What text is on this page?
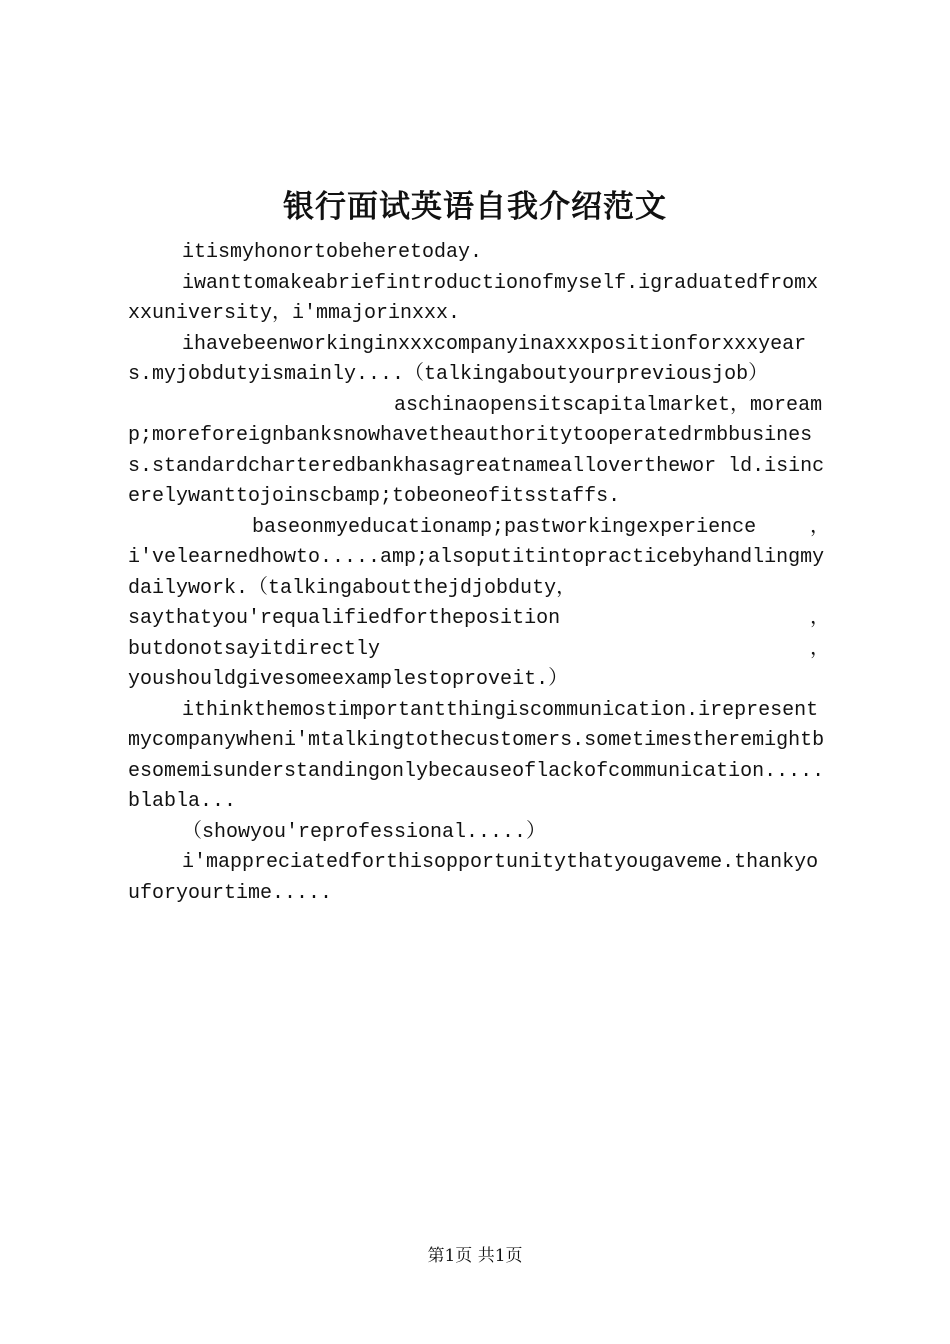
银行面试英语自我介绍范文

itismyhonortobeheretoday.

iwanttomakeabriefintroductionofmyself.igraduatedfromxxxuniversity，i'mmajorinxxx.

ihavebeenworkinginxxxcompanyinaxxxpositionforxxxyears.myjobdutyismainly....（talkingaboutyourpreviousjob）

aschinaopensitscapitalmarket，moreamp;moreforeignbanksnowhavetheauthoritytooperatedrmbbusiness.standardcharteredbankhasagreatnamealloverthewor ld.isincerelywanttojoinscbamp;tobeoneofitsstaffs.

baseonmyeducationamp;pastworkingexperience，

i'velearnedhowto.....amp;alsoputitintopracticebyhandlingmydailywork.（talkingaboutthejdjobduty，

saythatyou'requalifiedfortheposition，

butdonotsayitdirectly，

youshouldgivesomeexamplestoproveit.）

ithinkthemostimportantthingiscommunication.irepresentmycompanywheni'mtalkingtothecustomers.sometimestheremightbesomemisunderstandingonlybecauseoflackofcommunication.....blabla...

（showyou'reprofessional.....）

i'mappreciatedforthisopportunitythatyougaveme.thankyouforyourtime.....

第1页 共1页
